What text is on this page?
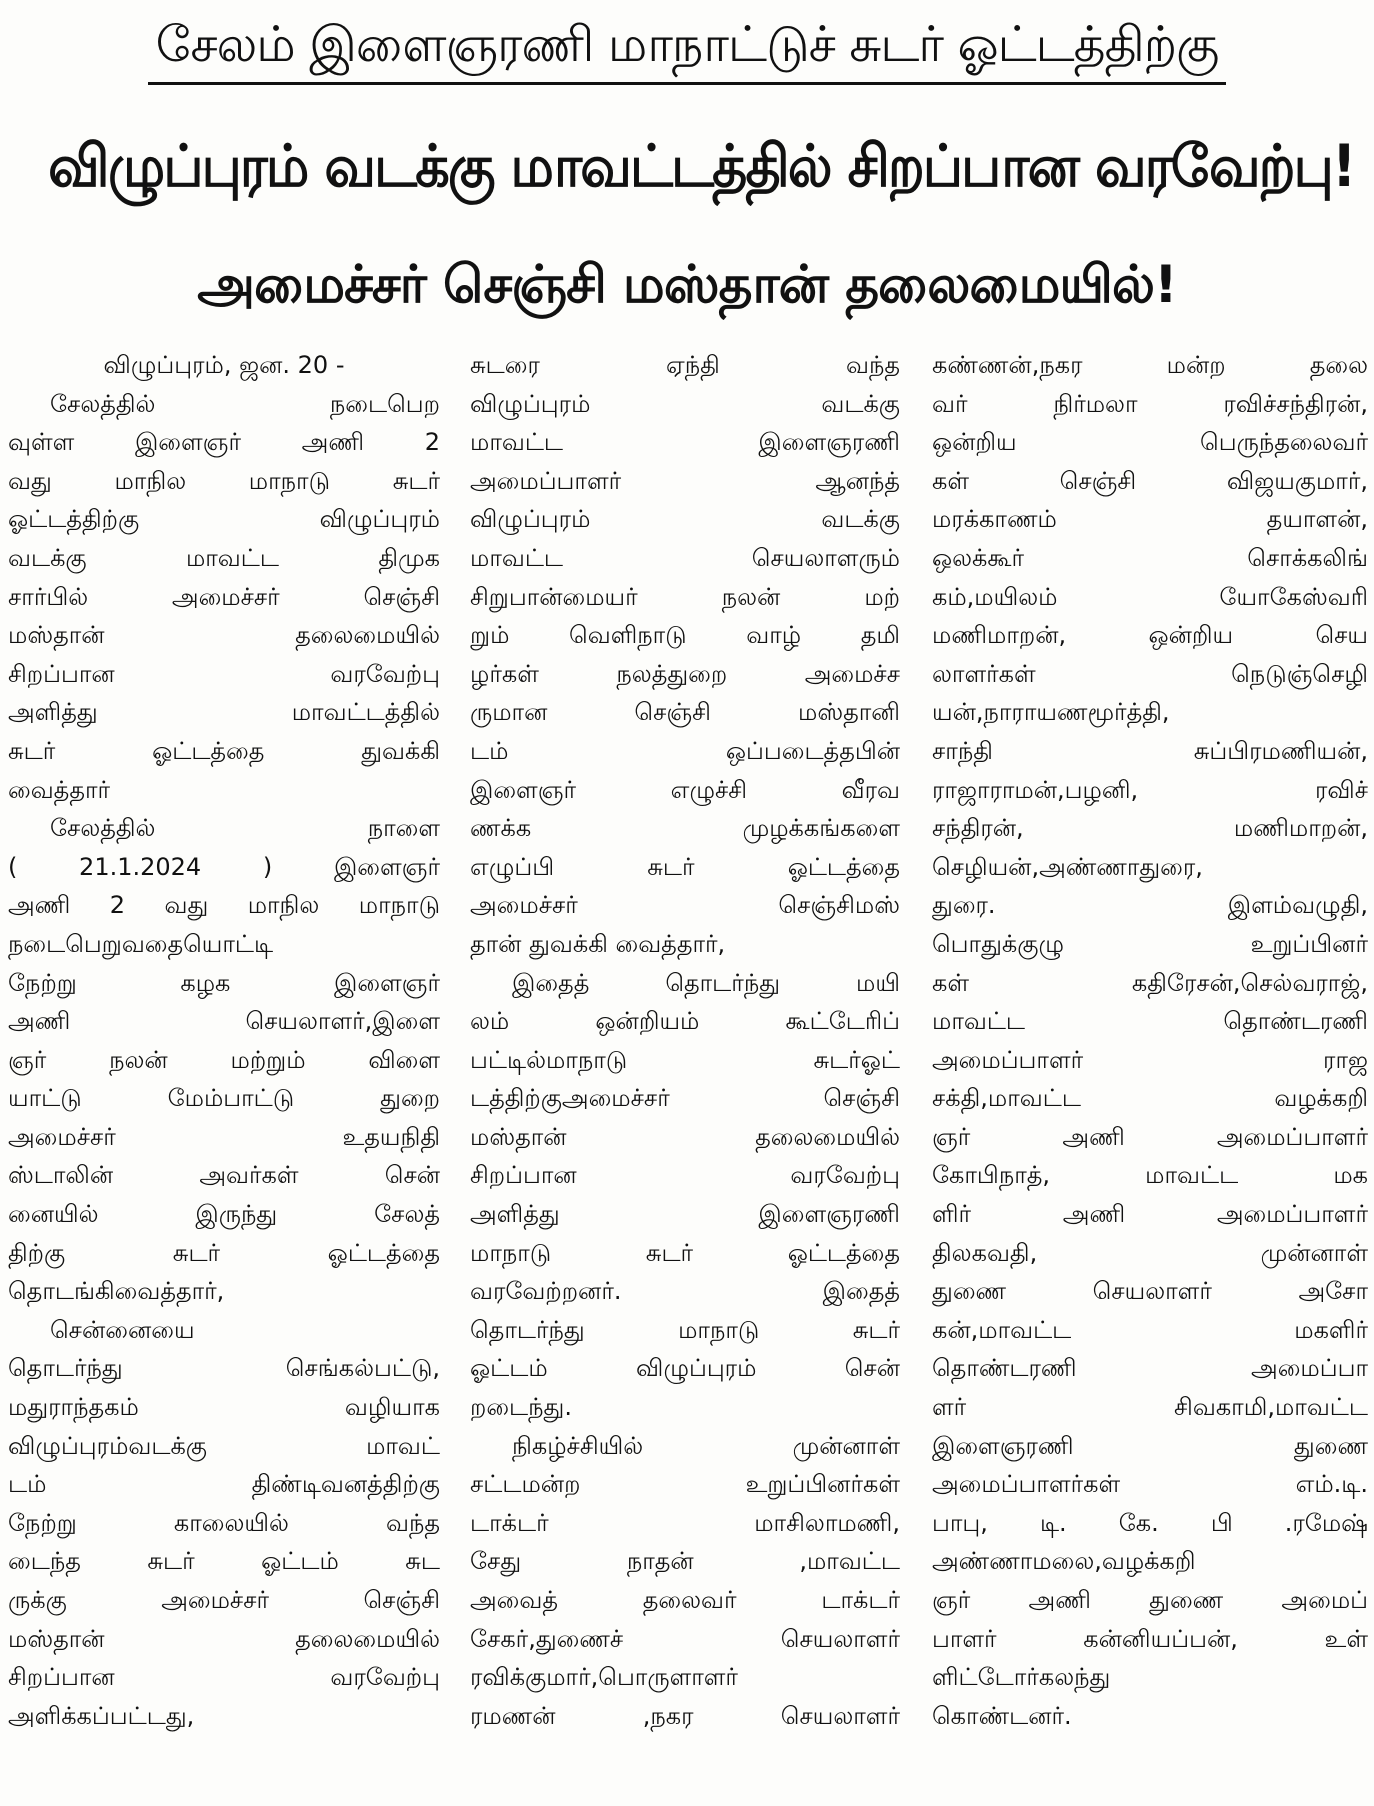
சேலம் இளைஞரணி மாநாட்டுச் சுடர் ஓட்டத்திற்கு
விழுப்புரம் வடக்கு மாவட்டத்தில் சிறப்பான வரவேற்பு!
அமைச்சர் செஞ்சி மஸ்தான் தலைமையில்!

விழுப்புரம், ஜன. 20 -

சேலத்தில் நடைபெற

வுள்ள இளைஞர் அணி 2

வது மாநில மாநாடு சுடர்

ஓட்டத்திற்கு விழுப்புரம்

வடக்கு மாவட்ட திமுக

சார்பில் அமைச்சர் செஞ்சி

மஸ்தான் தலைமையில்

சிறப்பான வரவேற்பு

அளித்து மாவட்டத்தில்

சுடர் ஓட்டத்தை துவக்கி

வைத்தார்

சேலத்தில் நாளை

( 21.1.2024 ) இளைஞர்

அணி 2 வது மாநில மாநாடு

நடைபெறுவதையொட்டி

நேற்று கழக இளைஞர்

அணி செயலாளர்,இளை

ஞர் நலன் மற்றும் விளை

யாட்டு மேம்பாட்டு துறை

அமைச்சர் உதயநிதி

ஸ்டாலின் அவர்கள் சென்

னையில் இருந்து சேலத்

திற்கு சுடர் ஓட்டத்தை

தொடங்கிவைத்தார்,

சென்னையை

தொடர்ந்து செங்கல்பட்டு,

மதுராந்தகம் வழியாக

விழுப்புரம்வடக்கு மாவட்

டம் திண்டிவனத்திற்கு

நேற்று காலையில் வந்த

டைந்த சுடர் ஓட்டம் சுட

ருக்கு அமைச்சர் செஞ்சி

மஸ்தான் தலைமையில்

சிறப்பான வரவேற்பு

அளிக்கப்பட்டது,

சுடரை ஏந்தி வந்த

விழுப்புரம் வடக்கு

மாவட்ட இளைஞரணி

அமைப்பாளர் ஆனந்த்

விழுப்புரம் வடக்கு

மாவட்ட செயலாளரும்

சிறுபான்மையர் நலன் மற்

றும் வெளிநாடு வாழ் தமி

ழர்கள் நலத்துறை அமைச்ச

ருமான செஞ்சி மஸ்தானி

டம் ஒப்படைத்தபின்

இளைஞர் எழுச்சி வீரவ

ணக்க முழக்கங்களை

எழுப்பி சுடர் ஓட்டத்தை

அமைச்சர் செஞ்சிமஸ்

தான் துவக்கி வைத்தார்,

இதைத் தொடர்ந்து மயி

லம் ஒன்றியம் கூட்டேரிப்

பட்டில்மாநாடு சுடர்ஓட்

டத்திற்குஅமைச்சர் செஞ்சி

மஸ்தான் தலைமையில்

சிறப்பான வரவேற்பு

அளித்து இளைஞரணி

மாநாடு சுடர் ஓட்டத்தை

வரவேற்றனர். இதைத்

தொடர்ந்து மாநாடு சுடர்

ஓட்டம் விழுப்புரம் சென்

றடைந்து.

நிகழ்ச்சியில் முன்னாள்

சட்டமன்ற உறுப்பினர்கள்

டாக்டர் மாசிலாமணி,

சேது நாதன் ,மாவட்ட

அவைத் தலைவர் டாக்டர்

சேகர்,துணைச் செயலாளர்

ரவிக்குமார்,பொருளாளர்

ரமணன் ,நகர செயலாளர்

கண்ணன்,நகர மன்ற தலை

வர் நிர்மலா ரவிச்சந்திரன்,

ஒன்றிய பெருந்தலைவர்

கள் செஞ்சி விஜயகுமார்,

மரக்காணம் தயாளன்,

ஒலக்கூர் சொக்கலிங்

கம்,மயிலம் யோகேஸ்வரி

மணிமாறன், ஒன்றிய செய

லாளர்கள் நெடுஞ்செழி

யன்,நாராயணமூர்த்தி,

சாந்தி சுப்பிரமணியன்,

ராஜாராமன்,பழனி, ரவிச்

சந்திரன், மணிமாறன்,

செழியன்,அண்ணாதுரை,

துரை. இளம்வழுதி,

பொதுக்குழு உறுப்பினர்

கள் கதிரேசன்,செல்வராஜ்,

மாவட்ட தொண்டரணி

அமைப்பாளர் ராஜ

சக்தி,மாவட்ட வழக்கறி

ஞர் அணி அமைப்பாளர்

கோபிநாத், மாவட்ட மக

ளிர் அணி அமைப்பாளர்

திலகவதி, முன்னாள்

துணை செயலாளர் அசோ

கன்,மாவட்ட மகளிர்

தொண்டரணி அமைப்பா

ளர் சிவகாமி,மாவட்ட

இளைஞரணி துணை

அமைப்பாளர்கள் எம்.டி.

பாபு, டி. கே. பி .ரமேஷ்

அண்ணாமலை,வழக்கறி

ஞர் அணி துணை அமைப்

பாளர் கன்னியப்பன், உள்

ளிட்டோர்கலந்து

கொண்டனர்.
